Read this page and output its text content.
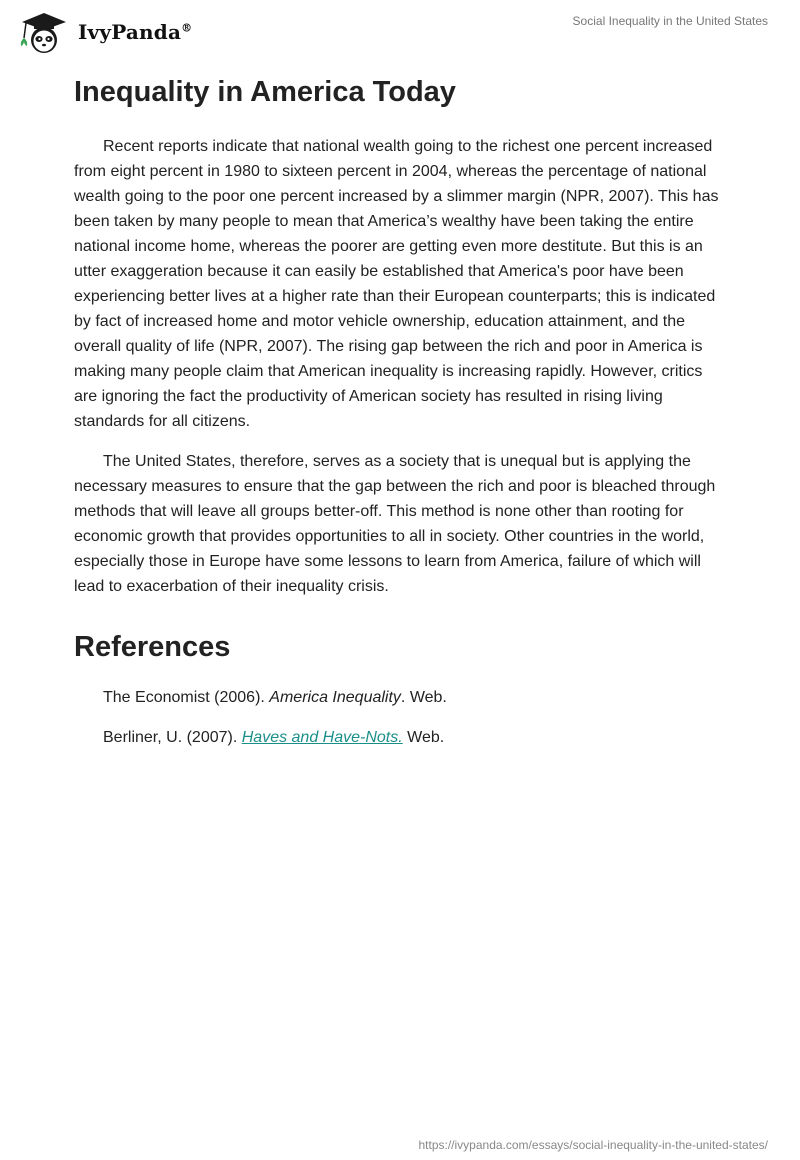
IvyPanda®	Social Inequality in the United States
Inequality in America Today

Recent reports indicate that national wealth going to the richest one percent increased from eight percent in 1980 to sixteen percent in 2004, whereas the percentage of national wealth going to the poor one percent increased by a slimmer margin (NPR, 2007). This has been taken by many people to mean that America’s wealthy have been taking the entire national income home, whereas the poorer are getting even more destitute. But this is an utter exaggeration because it can easily be established that America's poor have been experiencing better lives at a higher rate than their European counterparts; this is indicated by fact of increased home and motor vehicle ownership, education attainment, and the overall quality of life (NPR, 2007). The rising gap between the rich and poor in America is making many people claim that American inequality is increasing rapidly. However, critics are ignoring the fact the productivity of American society has resulted in rising living standards for all citizens.

The United States, therefore, serves as a society that is unequal but is applying the necessary measures to ensure that the gap between the rich and poor is bleached through methods that will leave all groups better-off. This method is none other than rooting for economic growth that provides opportunities to all in society. Other countries in the world, especially those in Europe have some lessons to learn from America, failure of which will lead to exacerbation of their inequality crisis.

References

The Economist (2006). America Inequality. Web.

Berliner, U. (2007). Haves and Have-Nots. Web.

https://ivypanda.com/essays/social-inequality-in-the-united-states/
